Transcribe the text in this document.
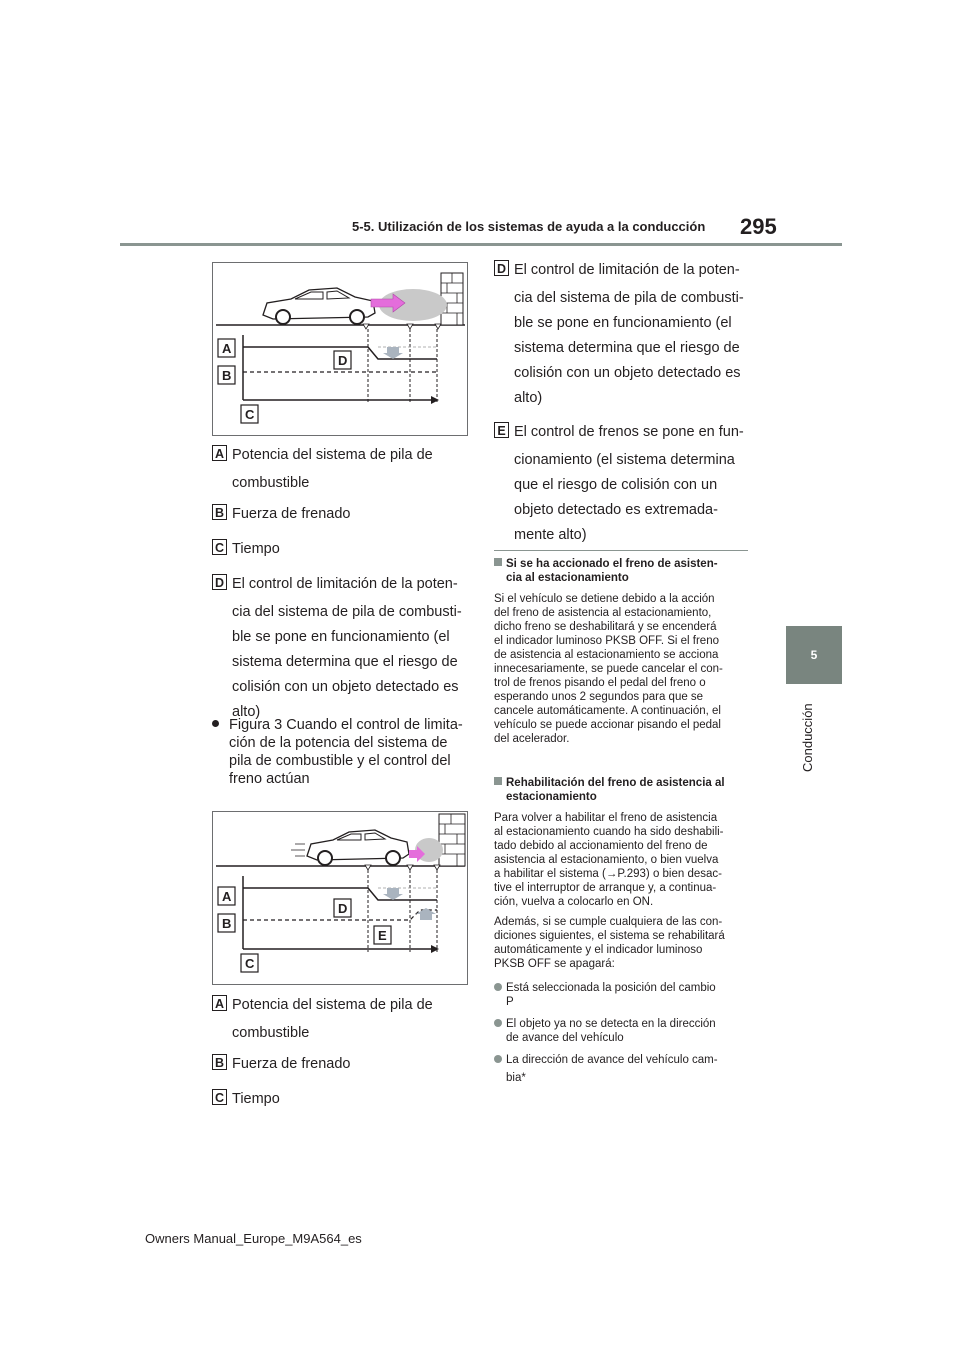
5-5. Utilización de los sistemas de ayuda a la conducción 295
5
Conducción
A
B
C
D
A Potencia del sistema de pila de
combustible
B Fuerza de frenado
C Tiempo
D El control de limitación de la poten-
cia del sistema de pila de combusti-
ble se pone en funcionamiento (el
sistema determina que el riesgo de
colisión con un objeto detectado es
alto)
Figura 3 Cuando el control de limita-
ción de la potencia del sistema de
pila de combustible y el control del
freno actúan
A
B
C
D
E
A Potencia del sistema de pila de
combustible
B Fuerza de frenado
C Tiempo
D El control de limitación de la poten-
cia del sistema de pila de combusti-
ble se pone en funcionamiento (el
sistema determina que el riesgo de
colisión con un objeto detectado es
alto)
E El control de frenos se pone en fun-
cionamiento (el sistema determina
que el riesgo de colisión con un
objeto detectado es extremada-
mente alto)
Si se ha accionado el freno de asisten-
cia al estacionamiento
Si el vehículo se detiene debido a la acción
del freno de asistencia al estacionamiento,
dicho freno se deshabilitará y se encenderá
el indicador luminoso PKSB OFF. Si el freno
de asistencia al estacionamiento se acciona
innecesariamente, se puede cancelar el con-
trol de frenos pisando el pedal del freno o
esperando unos 2 segundos para que se
cancele automáticamente. A continuación, el
vehículo se puede accionar pisando el pedal
del acelerador.
Rehabilitación del freno de asistencia al
estacionamiento
Para volver a habilitar el freno de asistencia
al estacionamiento cuando ha sido deshabili-
tado debido al accionamiento del freno de
asistencia al estacionamiento, o bien vuelva
a habilitar el sistema (→P.293) o bien desac-
tive el interruptor de arranque y, a continua-
ción, vuelva a colocarlo en ON.
Además, si se cumple cualquiera de las con-
diciones siguientes, el sistema se rehabilitará
automáticamente y el indicador luminoso
PKSB OFF se apagará:
Está seleccionada la posición del cambio
P
El objeto ya no se detecta en la dirección
de avance del vehículo
La dirección de avance del vehículo cam-
bia*
Owners Manual_Europe_M9A564_es
